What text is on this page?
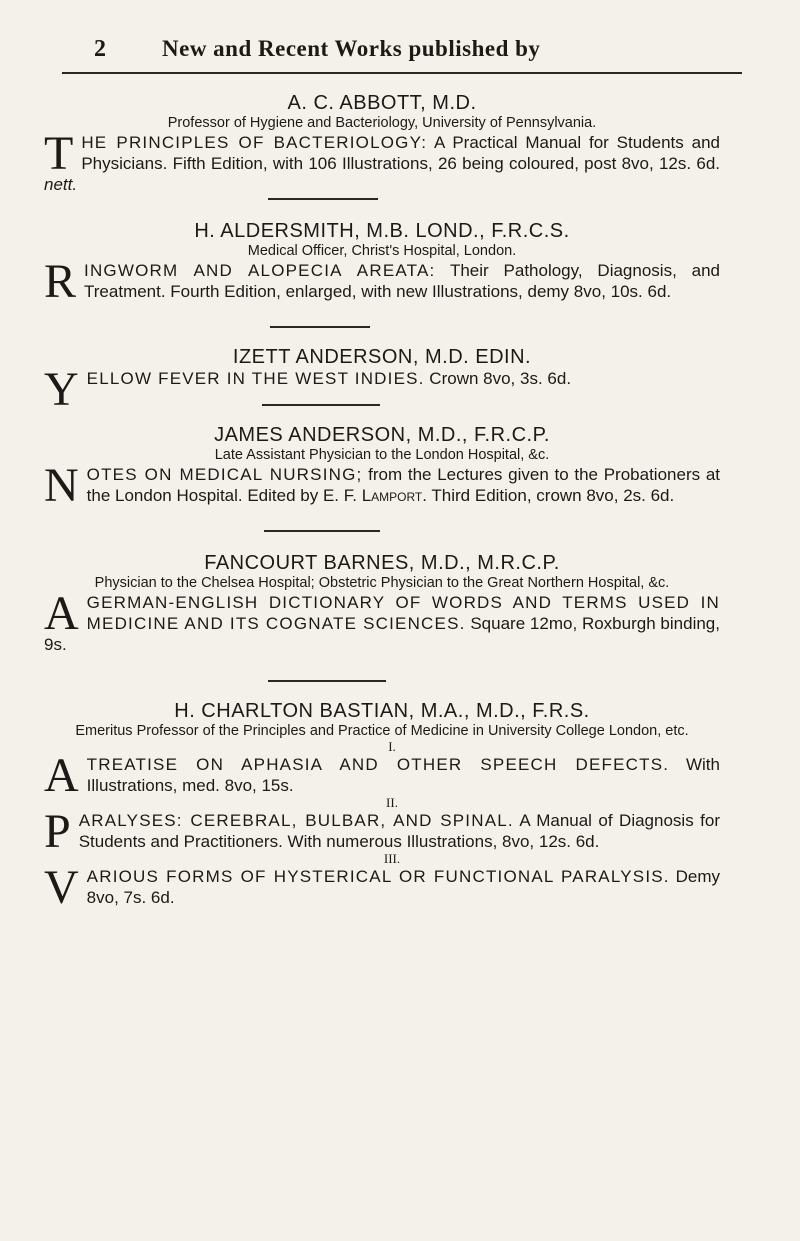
2 New and Recent Works published by
A. C. ABBOTT, M.D.
Professor of Hygiene and Bacteriology, University of Pennsylvania.
THE PRINCIPLES OF BACTERIOLOGY: A Practical Manual for Students and Physicians. Fifth Edition, with 106 Illustrations, 26 being coloured, post 8vo, 12s. 6d. nett.
H. ALDERSMITH, M.B. LOND., F.R.C.S.
Medical Officer, Christ's Hospital, London.
RINGWORM AND ALOPECIA AREATA: Their Pathology, Diagnosis, and Treatment. Fourth Edition, enlarged, with new Illustrations, demy 8vo, 10s. 6d.
IZETT ANDERSON, M.D. EDIN.
YELLOW FEVER IN THE WEST INDIES. Crown 8vo, 3s. 6d.
JAMES ANDERSON, M.D., F.R.C.P.
Late Assistant Physician to the London Hospital, &c.
NOTES ON MEDICAL NURSING; from the Lectures given to the Probationers at the London Hospital. Edited by E. F. Lamport. Third Edition, crown 8vo, 2s. 6d.
FANCOURT BARNES, M.D., M.R.C.P.
Physician to the Chelsea Hospital; Obstetric Physician to the Great Northern Hospital, &c.
AGERMAN-ENGLISH DICTIONARY OF WORDS AND TERMS USED IN MEDICINE AND ITS COGNATE SCIENCES. Square 12mo, Roxburgh binding, 9s.
H. CHARLTON BASTIAN, M.A., M.D., F.R.S.
Emeritus Professor of the Principles and Practice of Medicine in University College London, etc.
I.
ATREATISE ON APHASIA AND OTHER SPEECH DEFECTS. With Illustrations, med. 8vo, 15s.
II.
PARALYSES: CEREBRAL, BULBAR, AND SPINAL. A Manual of Diagnosis for Students and Practitioners. With numerous Illustrations, 8vo, 12s. 6d.
III.
VARIOUS FORMS OF HYSTERICAL OR FUNCTIONAL PARALYSIS. Demy 8vo, 7s. 6d.
